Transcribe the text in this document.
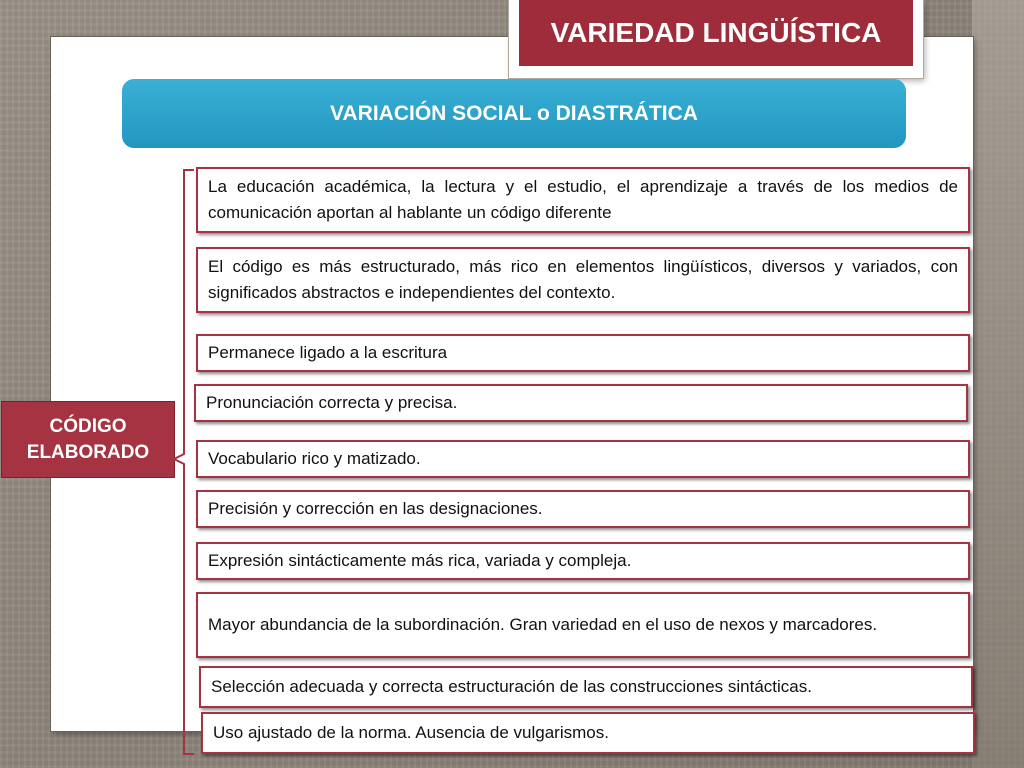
VARIEDAD LINGÜÍSTICA
VARIACIÓN SOCIAL o DIASTRÁTICA
CÓDIGO ELABORADO
La educación académica, la lectura y el estudio, el aprendizaje a través de los medios de comunicación aportan al hablante un código diferente
El código es más estructurado, más rico en elementos lingüísticos, diversos y variados, con significados abstractos e independientes del contexto.
Permanece ligado a la escritura
Pronunciación correcta y precisa.
Vocabulario rico y matizado.
Precisión y corrección en las designaciones.
Expresión sintácticamente más rica, variada y compleja.
Mayor abundancia de la subordinación. Gran variedad en el uso de nexos y marcadores.
Selección adecuada y correcta estructuración de las construcciones sintácticas.
Uso ajustado de la norma. Ausencia de vulgarismos.
